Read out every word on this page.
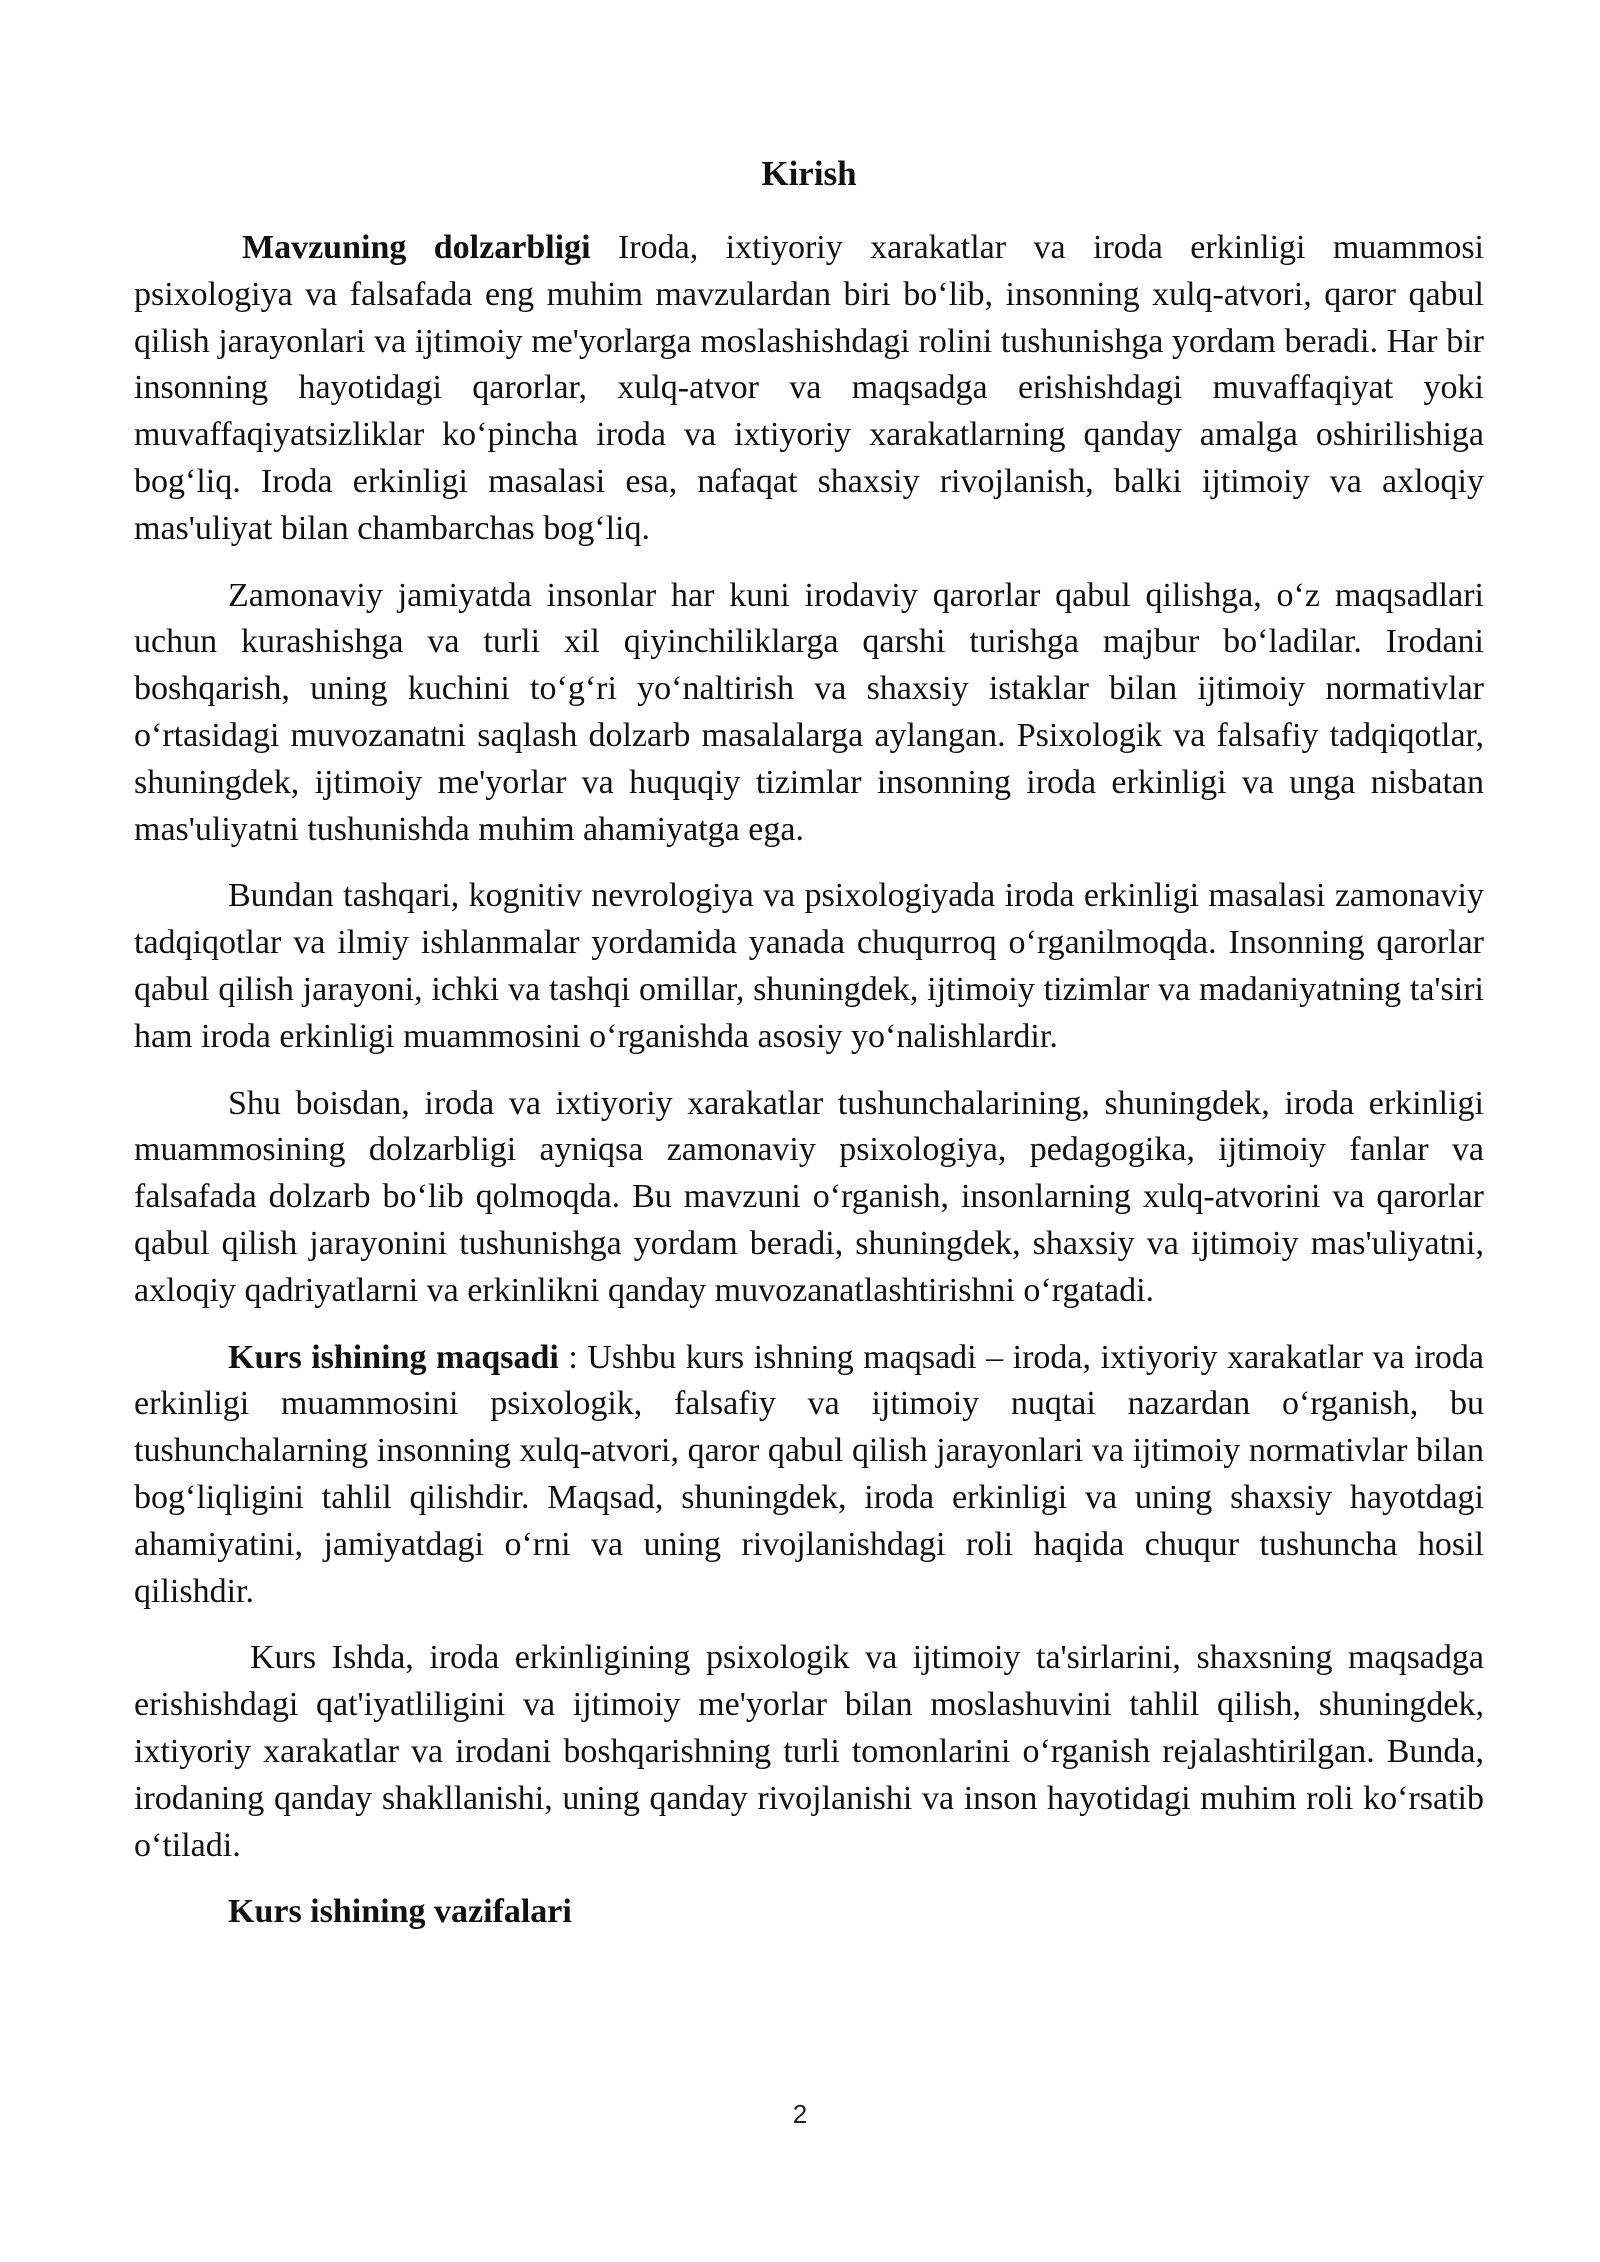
Kirish

Mavzuning dolzarbligi Iroda, ixtiyoriy xarakatlar va iroda erkinligi muammosi psixologiya va falsafada eng muhim mavzulardan biri bo‘lib, insonning xulq-atvori, qaror qabul qilish jarayonlari va ijtimoiy me'yorlarga moslashishdagi rolini tushunishga yordam beradi. Har bir insonning hayotidagi qarorlar, xulq-atvor va maqsadga erishishdagi muvaffaqiyat yoki muvaffaqiyatsizliklar ko‘pincha iroda va ixtiyoriy xarakatlarning qanday amalga oshirilishiga bog‘liq. Iroda erkinligi masalasi esa, nafaqat shaxsiy rivojlanish, balki ijtimoiy va axloqiy mas'uliyat bilan chambarchas bog‘liq.

Zamonaviy jamiyatda insonlar har kuni irodaviy qarorlar qabul qilishga, o‘z maqsadlari uchun kurashishga va turli xil qiyinchiliklarga qarshi turishga majbur bo‘ladilar. Irodani boshqarish, uning kuchini to‘g‘ri yo‘naltirish va shaxsiy istaklar bilan ijtimoiy normativlar o‘rtasidagi muvozanatni saqlash dolzarb masalalarga aylangan. Psixologik va falsafiy tadqiqotlar, shuningdek, ijtimoiy me'yorlar va huquqiy tizimlar insonning iroda erkinligi va unga nisbatan mas'uliyatni tushunishda muhim ahamiyatga ega.

Bundan tashqari, kognitiv nevrologiya va psixologiyada iroda erkinligi masalasi zamonaviy tadqiqotlar va ilmiy ishlanmalar yordamida yanada chuqurroq o‘rganilmoqda. Insonning qarorlar qabul qilish jarayoni, ichki va tashqi omillar, shuningdek, ijtimoiy tizimlar va madaniyatning ta'siri ham iroda erkinligi muammosini o‘rganishda asosiy yo‘nalishlardir.

Shu boisdan, iroda va ixtiyoriy xarakatlar tushunchalarining, shuningdek, iroda erkinligi muammosining dolzarbligi ayniqsa zamonaviy psixologiya, pedagogika, ijtimoiy fanlar va falsafada dolzarb bo‘lib qolmoqda. Bu mavzuni o‘rganish, insonlarning xulq-atvorini va qarorlar qabul qilish jarayonini tushunishga yordam beradi, shuningdek, shaxsiy va ijtimoiy mas'uliyatni, axloqiy qadriyatlarni va erkinlikni qanday muvozanatlashtirishni o‘rgatadi.

Kurs ishining maqsadi : Ushbu kurs ishning maqsadi – iroda, ixtiyoriy xarakatlar va iroda erkinligi muammosini psixologik, falsafiy va ijtimoiy nuqtai nazardan o‘rganish, bu tushunchalarning insonning xulq-atvori, qaror qabul qilish jarayonlari va ijtimoiy normativlar bilan bog‘liqligini tahlil qilishdir. Maqsad, shuningdek, iroda erkinligi va uning shaxsiy hayotdagi ahamiyatini, jamiyatdagi o‘rni va uning rivojlanishdagi roli haqida chuqur tushuncha hosil qilishdir.

Kurs Ishda, iroda erkinligining psixologik va ijtimoiy ta'sirlarini, shaxsning maqsadga erishishdagi qat'iyatliligini va ijtimoiy me'yorlar bilan moslashuvini tahlil qilish, shuningdek, ixtiyoriy xarakatlar va irodani boshqarishning turli tomonlarini o‘rganish rejalashtirilgan. Bunda, irodaning qanday shakllanishi, uning qanday rivojlanishi va inson hayotidagi muhim roli ko‘rsatib o‘tiladi.

Kurs ishining vazifalari
2
